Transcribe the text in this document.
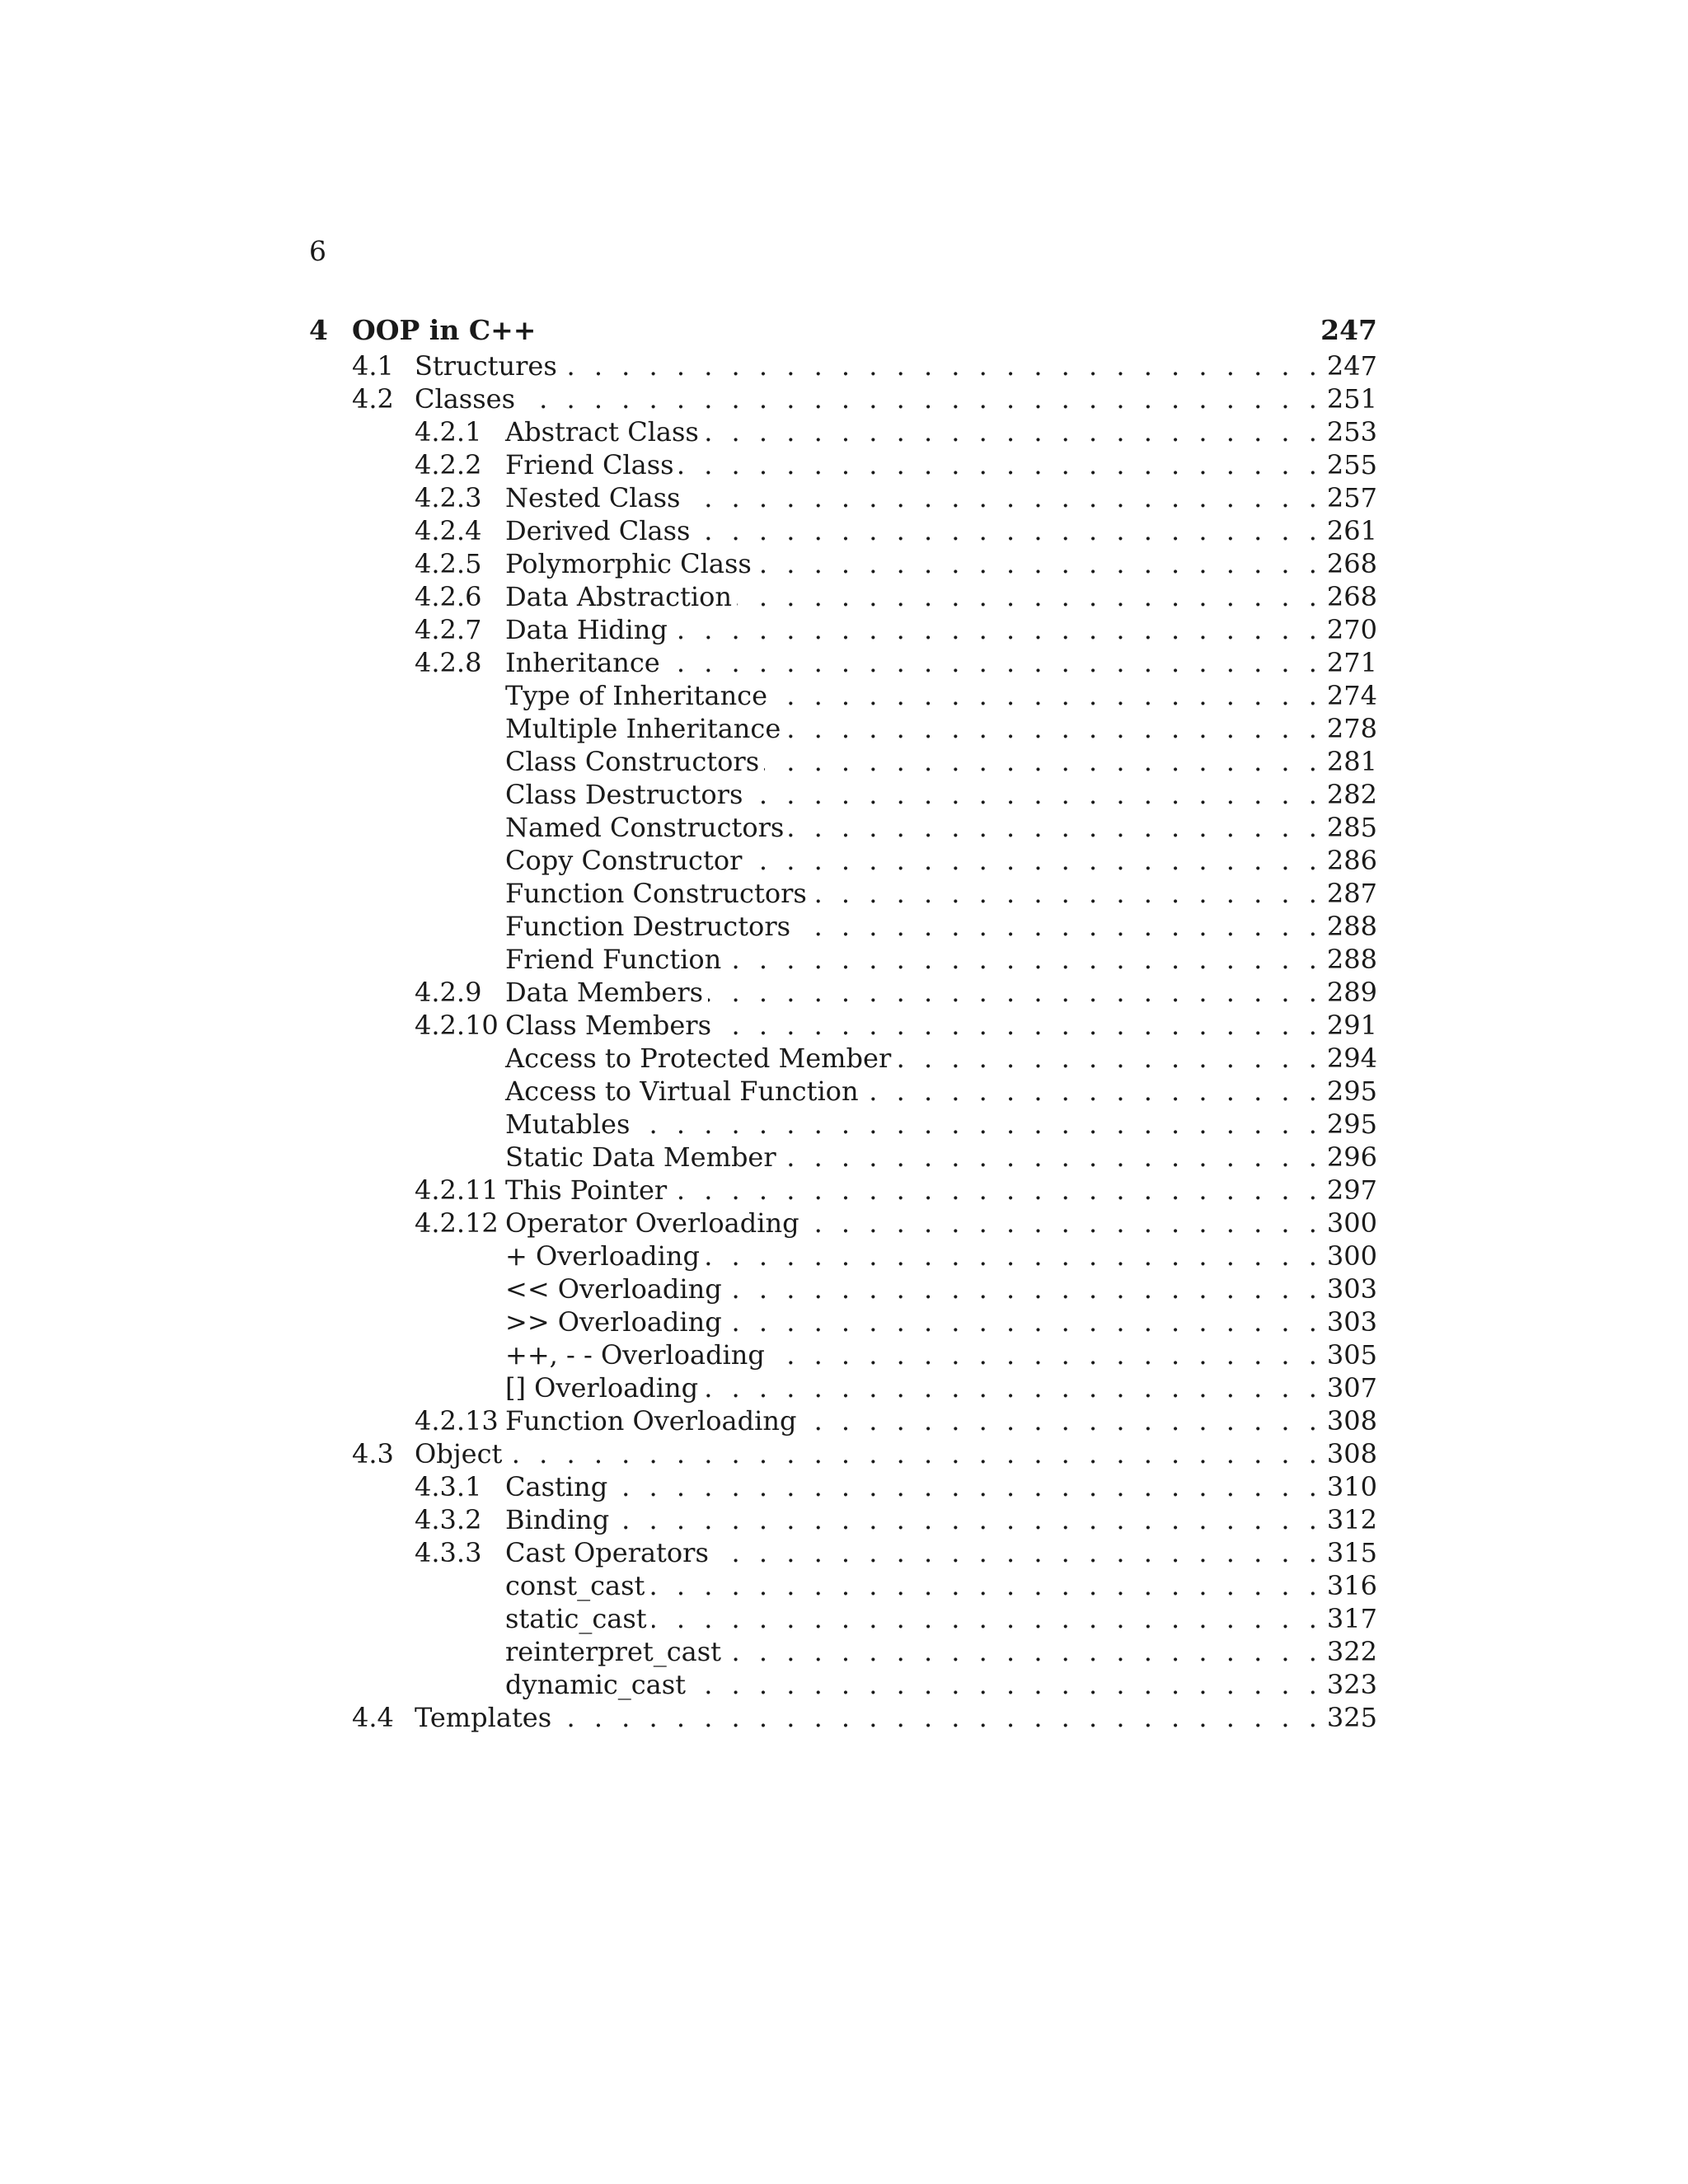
6
4 OOP in C++	247
4.1 Structures . . .	247
4.2 Classes . . .	251
4.2.1 Abstract Class . . .	253
4.2.2 Friend Class . . .	255
4.2.3 Nested Class . . .	257
4.2.4 Derived Class . . .	261
4.2.5 Polymorphic Class . . .	268
4.2.6 Data Abstraction . . .	268
4.2.7 Data Hiding . . .	270
4.2.8 Inheritance . . .	271
Type of Inheritance . . .	274
Multiple Inheritance . . .	278
Class Constructors . . .	281
Class Destructors . . .	282
Named Constructors . . .	285
Copy Constructor . . .	286
Function Constructors . . .	287
Function Destructors . . .	288
Friend Function . . .	288
4.2.9 Data Members . . .	289
4.2.10 Class Members . . .	291
Access to Protected Member . . .	294
Access to Virtual Function . . .	295
Mutables . . .	295
Static Data Member . . .	296
4.2.11 This Pointer . . .	297
4.2.12 Operator Overloading . . .	300
+ Overloading . . .	300
<< Overloading . . .	303
>> Overloading . . .	303
++, - - Overloading . . .	305
[] Overloading . . .	307
4.2.13 Function Overloading . . .	308
4.3 Object . . .	308
4.3.1 Casting . . .	310
4.3.2 Binding . . .	312
4.3.3 Cast Operators . . .	315
const_cast . . .	316
static_cast . . .	317
reinterpret_cast . . .	322
dynamic_cast . . .	323
4.4 Templates . . .	325
